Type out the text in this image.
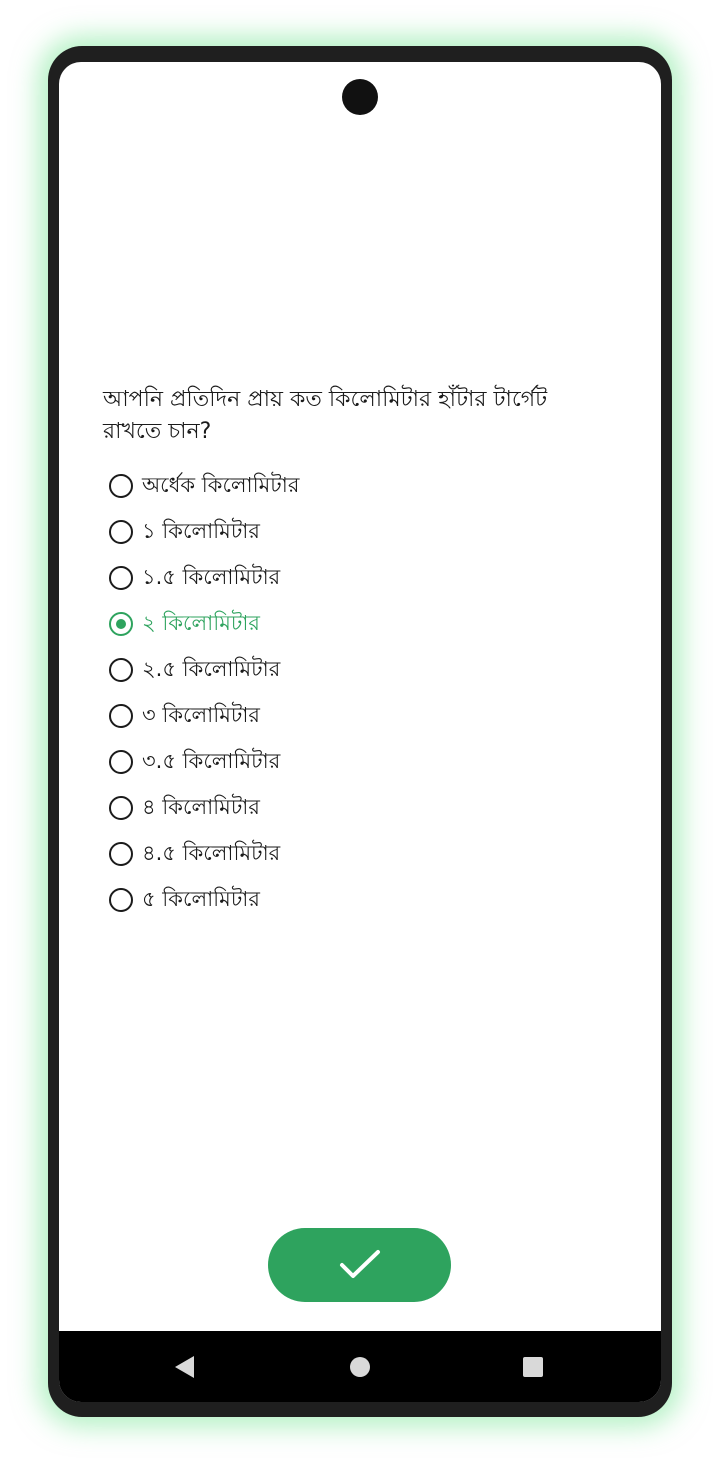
আপনি প্রতিদিন প্রায় কত কিলোমিটার হাঁটার টার্গেট রাখতে চান?
অর্ধেক কিলোমিটার
১ কিলোমিটার
১.৫ কিলোমিটার
২ কিলোমিটার
২.৫ কিলোমিটার
৩ কিলোমিটার
৩.৫ কিলোমিটার
৪ কিলোমিটার
৪.৫ কিলোমিটার
৫ কিলোমিটার
